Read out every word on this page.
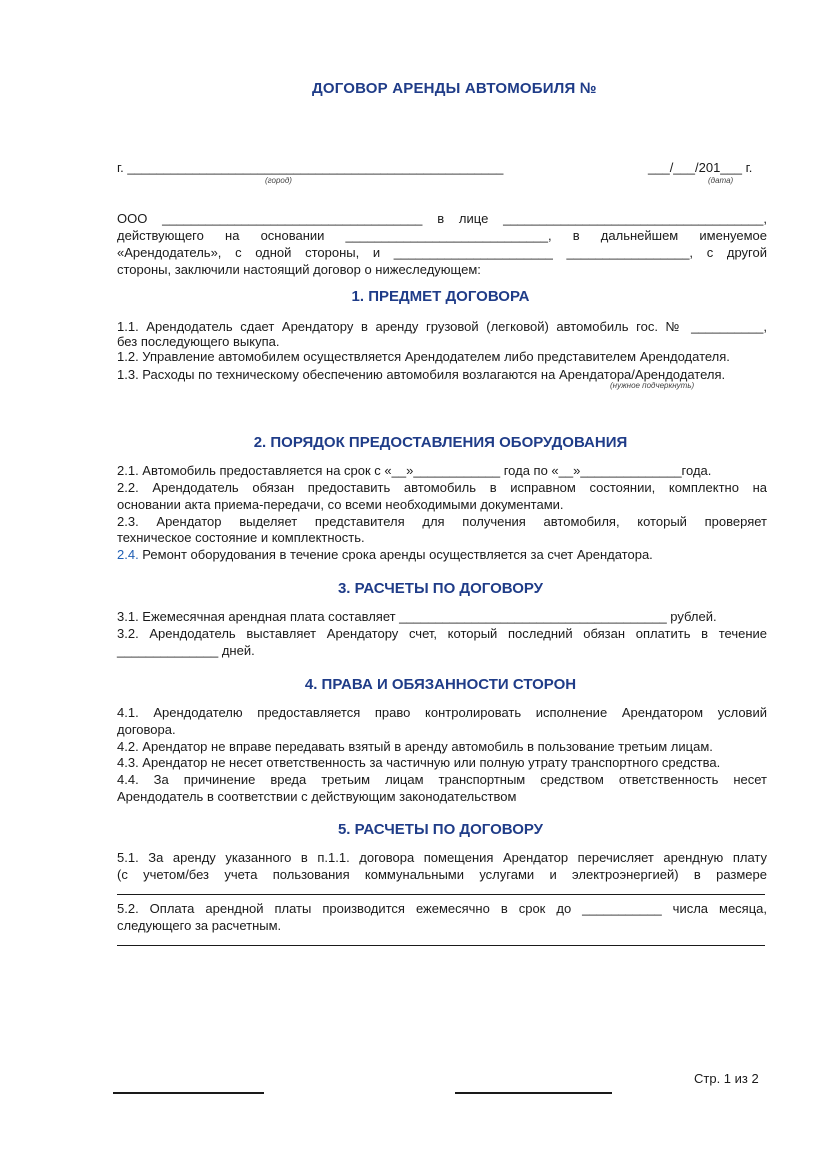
ДОГОВОР АРЕНДЫ АВТОМОБИЛЯ №
г. ____________________________________________________
(город)
___/___/201___ г.
(дата)
ООО ____________________________________ в лице ____________________________________,
действующего на основании ____________________________, в дальнейшем именуемое
«Арендодатель», с одной стороны, и ______________________ _________________, с другой
стороны, заключили настоящий договор о нижеследующем:
1. ПРЕДМЕТ ДОГОВОРА
1.1. Арендодатель сдает Арендатору в аренду грузовой (легковой) автомобиль гос. № __________,
без последующего выкупа.
1.2. Управление автомобилем осуществляется Арендодателем либо представителем Арендодателя.
1.3. Расходы по техническому обеспечению автомобиля возлагаются на Арендатора/Арендодателя.
(нужное подчеркнуть)
2. ПОРЯДОК ПРЕДОСТАВЛЕНИЯ ОБОРУДОВАНИЯ
2.1. Автомобиль предоставляется на срок с «__»____________ года по «__»______________года.
2.2. Арендодатель обязан предоставить автомобиль в исправном состоянии, комплектно на
основании акта приема-передачи, со всеми необходимыми документами.
2.3. Арендатор выделяет представителя для получения автомобиля, который проверяет
техническое состояние и комплектность.
2.4. Ремонт оборудования в течение срока аренды осуществляется за счет Арендатора.
3. РАСЧЕТЫ ПО ДОГОВОРУ
3.1. Ежемесячная арендная плата составляет _____________________________________ рублей.
3.2. Арендодатель выставляет Арендатору счет, который последний обязан оплатить в течение
______________ дней.
4. ПРАВА И ОБЯЗАННОСТИ СТОРОН
4.1. Арендодателю предоставляется право контролировать исполнение Арендатором условий
договора.
4.2. Арендатор не вправе передавать взятый в аренду автомобиль в пользование третьим лицам.
4.3. Арендатор не несет ответственность за частичную или полную утрату транспортного средства.
4.4. За причинение вреда третьим лицам транспортным средством ответственность несет
Арендодатель в соответствии с действующим законодательством
5. РАСЧЕТЫ ПО ДОГОВОРУ
5.1. За аренду указанного в п.1.1. договора помещения Арендатор перечисляет арендную плату
(с учетом/без учета пользования коммунальными услугами и электроэнергией) в размере
5.2. Оплата арендной платы производится ежемесячно в срок до ___________ числа месяца,
следующего за расчетным.
Стр. 1 из 2
